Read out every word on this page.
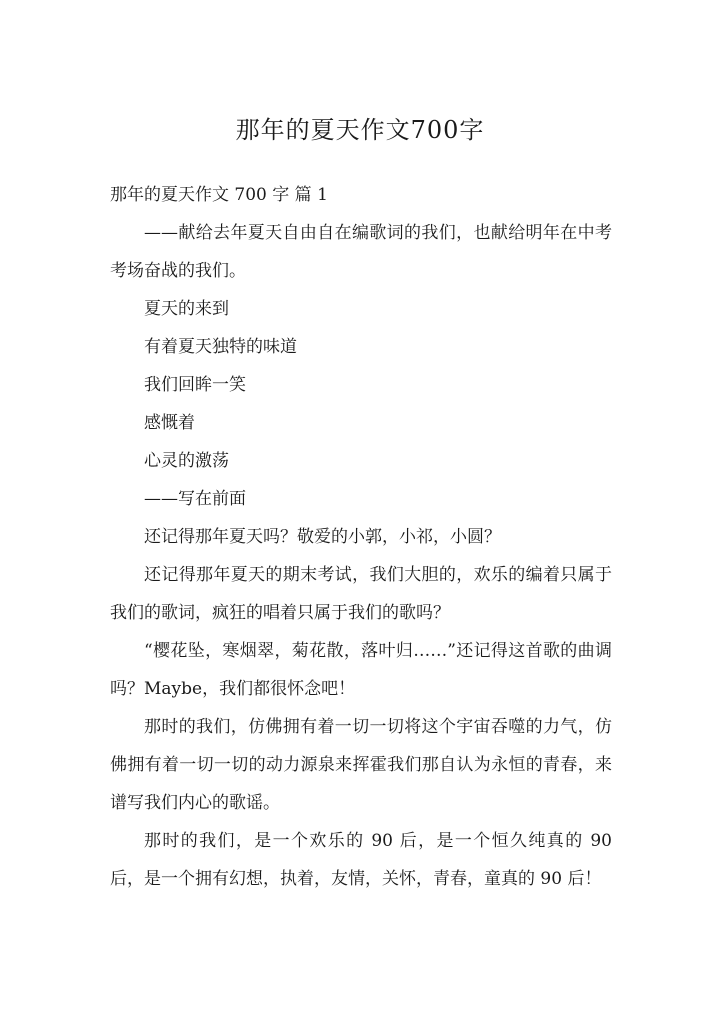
那年的夏天作文700字

那年的夏天作文 700 字 篇 1

——献给去年夏天自由自在编歌词的我们，也献给明年在中考考场奋战的我们。

夏天的来到

有着夏天独特的味道

我们回眸一笑

感慨着

心灵的激荡

——写在前面

还记得那年夏天吗？敬爱的小郭，小祁，小圆？

还记得那年夏天的期末考试，我们大胆的，欢乐的编着只属于我们的歌词，疯狂的唱着只属于我们的歌吗？

“樱花坠，寒烟翠，菊花散，落叶归……”还记得这首歌的曲调吗？Maybe，我们都很怀念吧！

那时的我们，仿佛拥有着一切一切将这个宇宙吞噬的力气，仿佛拥有着一切一切的动力源泉来挥霍我们那自认为永恒的青春，来谱写我们内心的歌谣。

那时的我们，是一个欢乐的 90 后，是一个恒久纯真的 90 后，是一个拥有幻想，执着，友情，关怀，青春，童真的 90 后！
